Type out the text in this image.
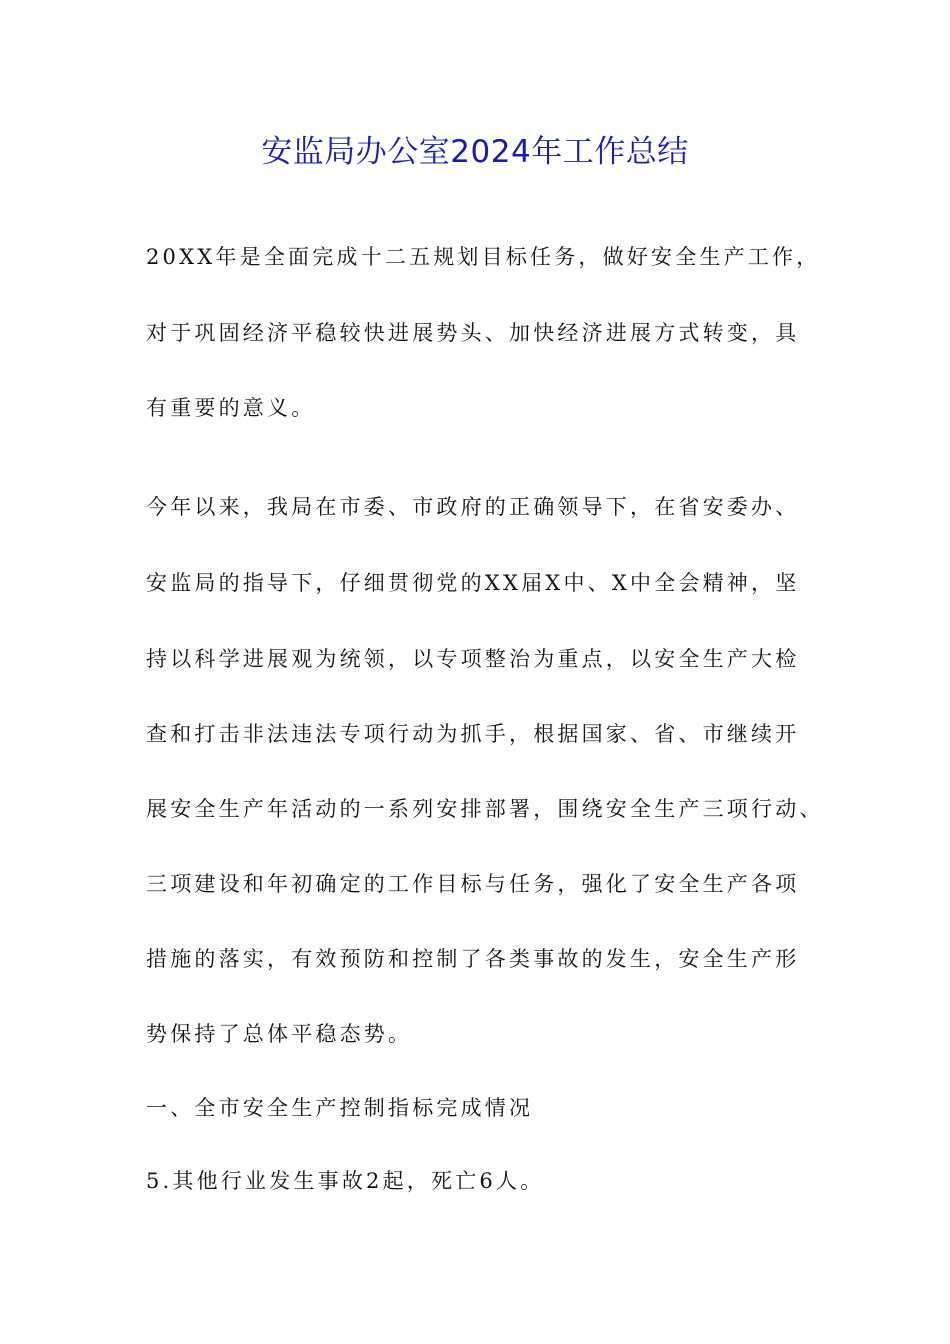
安监局办公室2024年工作总结
20XX年是全面完成十二五规划目标任务，做好安全生产工作，
对于巩固经济平稳较快进展势头、加快经济进展方式转变，具
有重要的意义。
今年以来，我局在市委、市政府的正确领导下，在省安委办、
安监局的指导下，仔细贯彻党的XX届X中、X中全会精神，坚
持以科学进展观为统领，以专项整治为重点，以安全生产大检
查和打击非法违法专项行动为抓手，根据国家、省、市继续开
展安全生产年活动的一系列安排部署，围绕安全生产三项行动、
三项建设和年初确定的工作目标与任务，强化了安全生产各项
措施的落实，有效预防和控制了各类事故的发生，安全生产形
势保持了总体平稳态势。
一、全市安全生产控制指标完成情况
5.其他行业发生事故2起，死亡6人。
